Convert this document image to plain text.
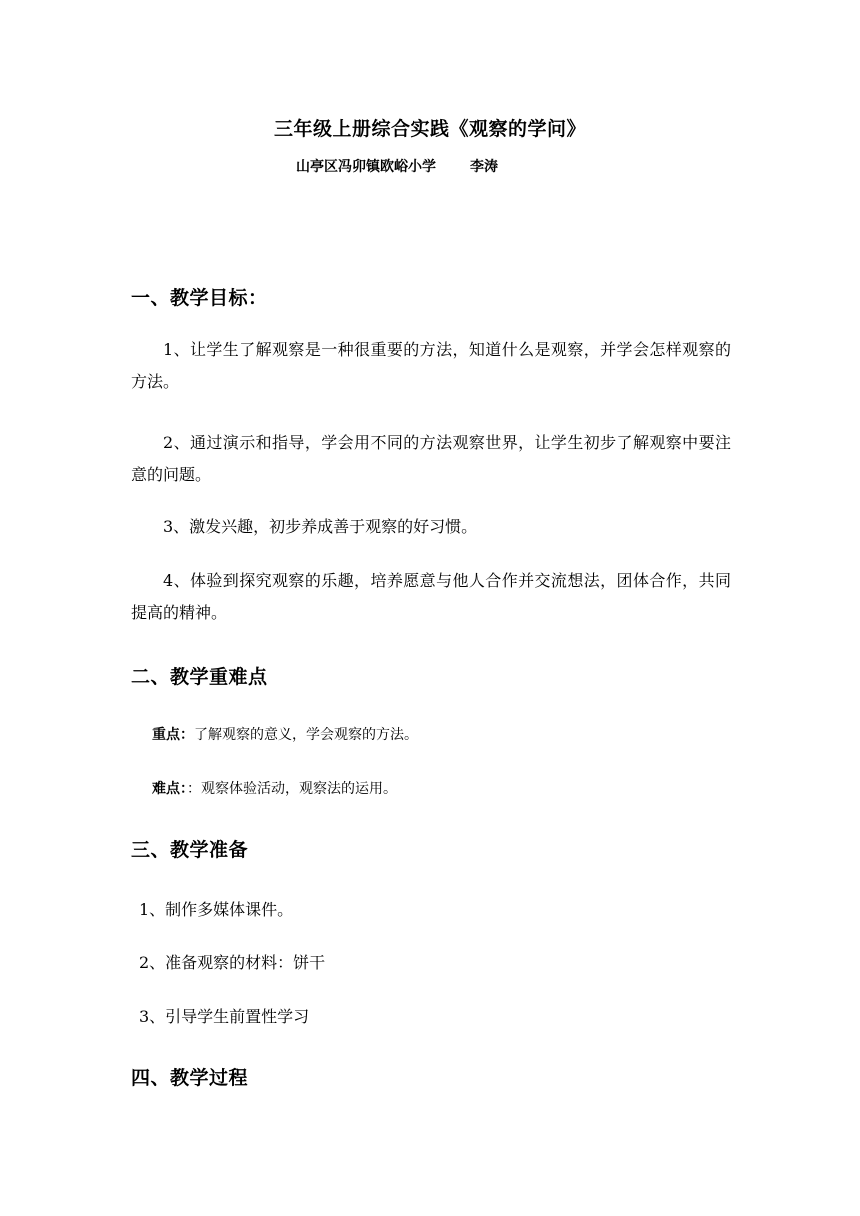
三年级上册综合实践《观察的学问》
山亭区冯卯镇欧峪小学 李涛
一、教学目标：
1、让学生了解观察是一种很重要的方法，知道什么是观察，并学会怎样观察的方法。
2、通过演示和指导，学会用不同的方法观察世界，让学生初步了解观察中要注意的问题。
3、激发兴趣，初步养成善于观察的好习惯。
4、体验到探究观察的乐趣，培养愿意与他人合作并交流想法，团体合作，共同提高的精神。
二、教学重难点
重点：了解观察的意义，学会观察的方法。
难点：：观察体验活动，观察法的运用。
三、教学准备
1、制作多媒体课件。
2、准备观察的材料：饼干
3、引导学生前置性学习
四、教学过程
